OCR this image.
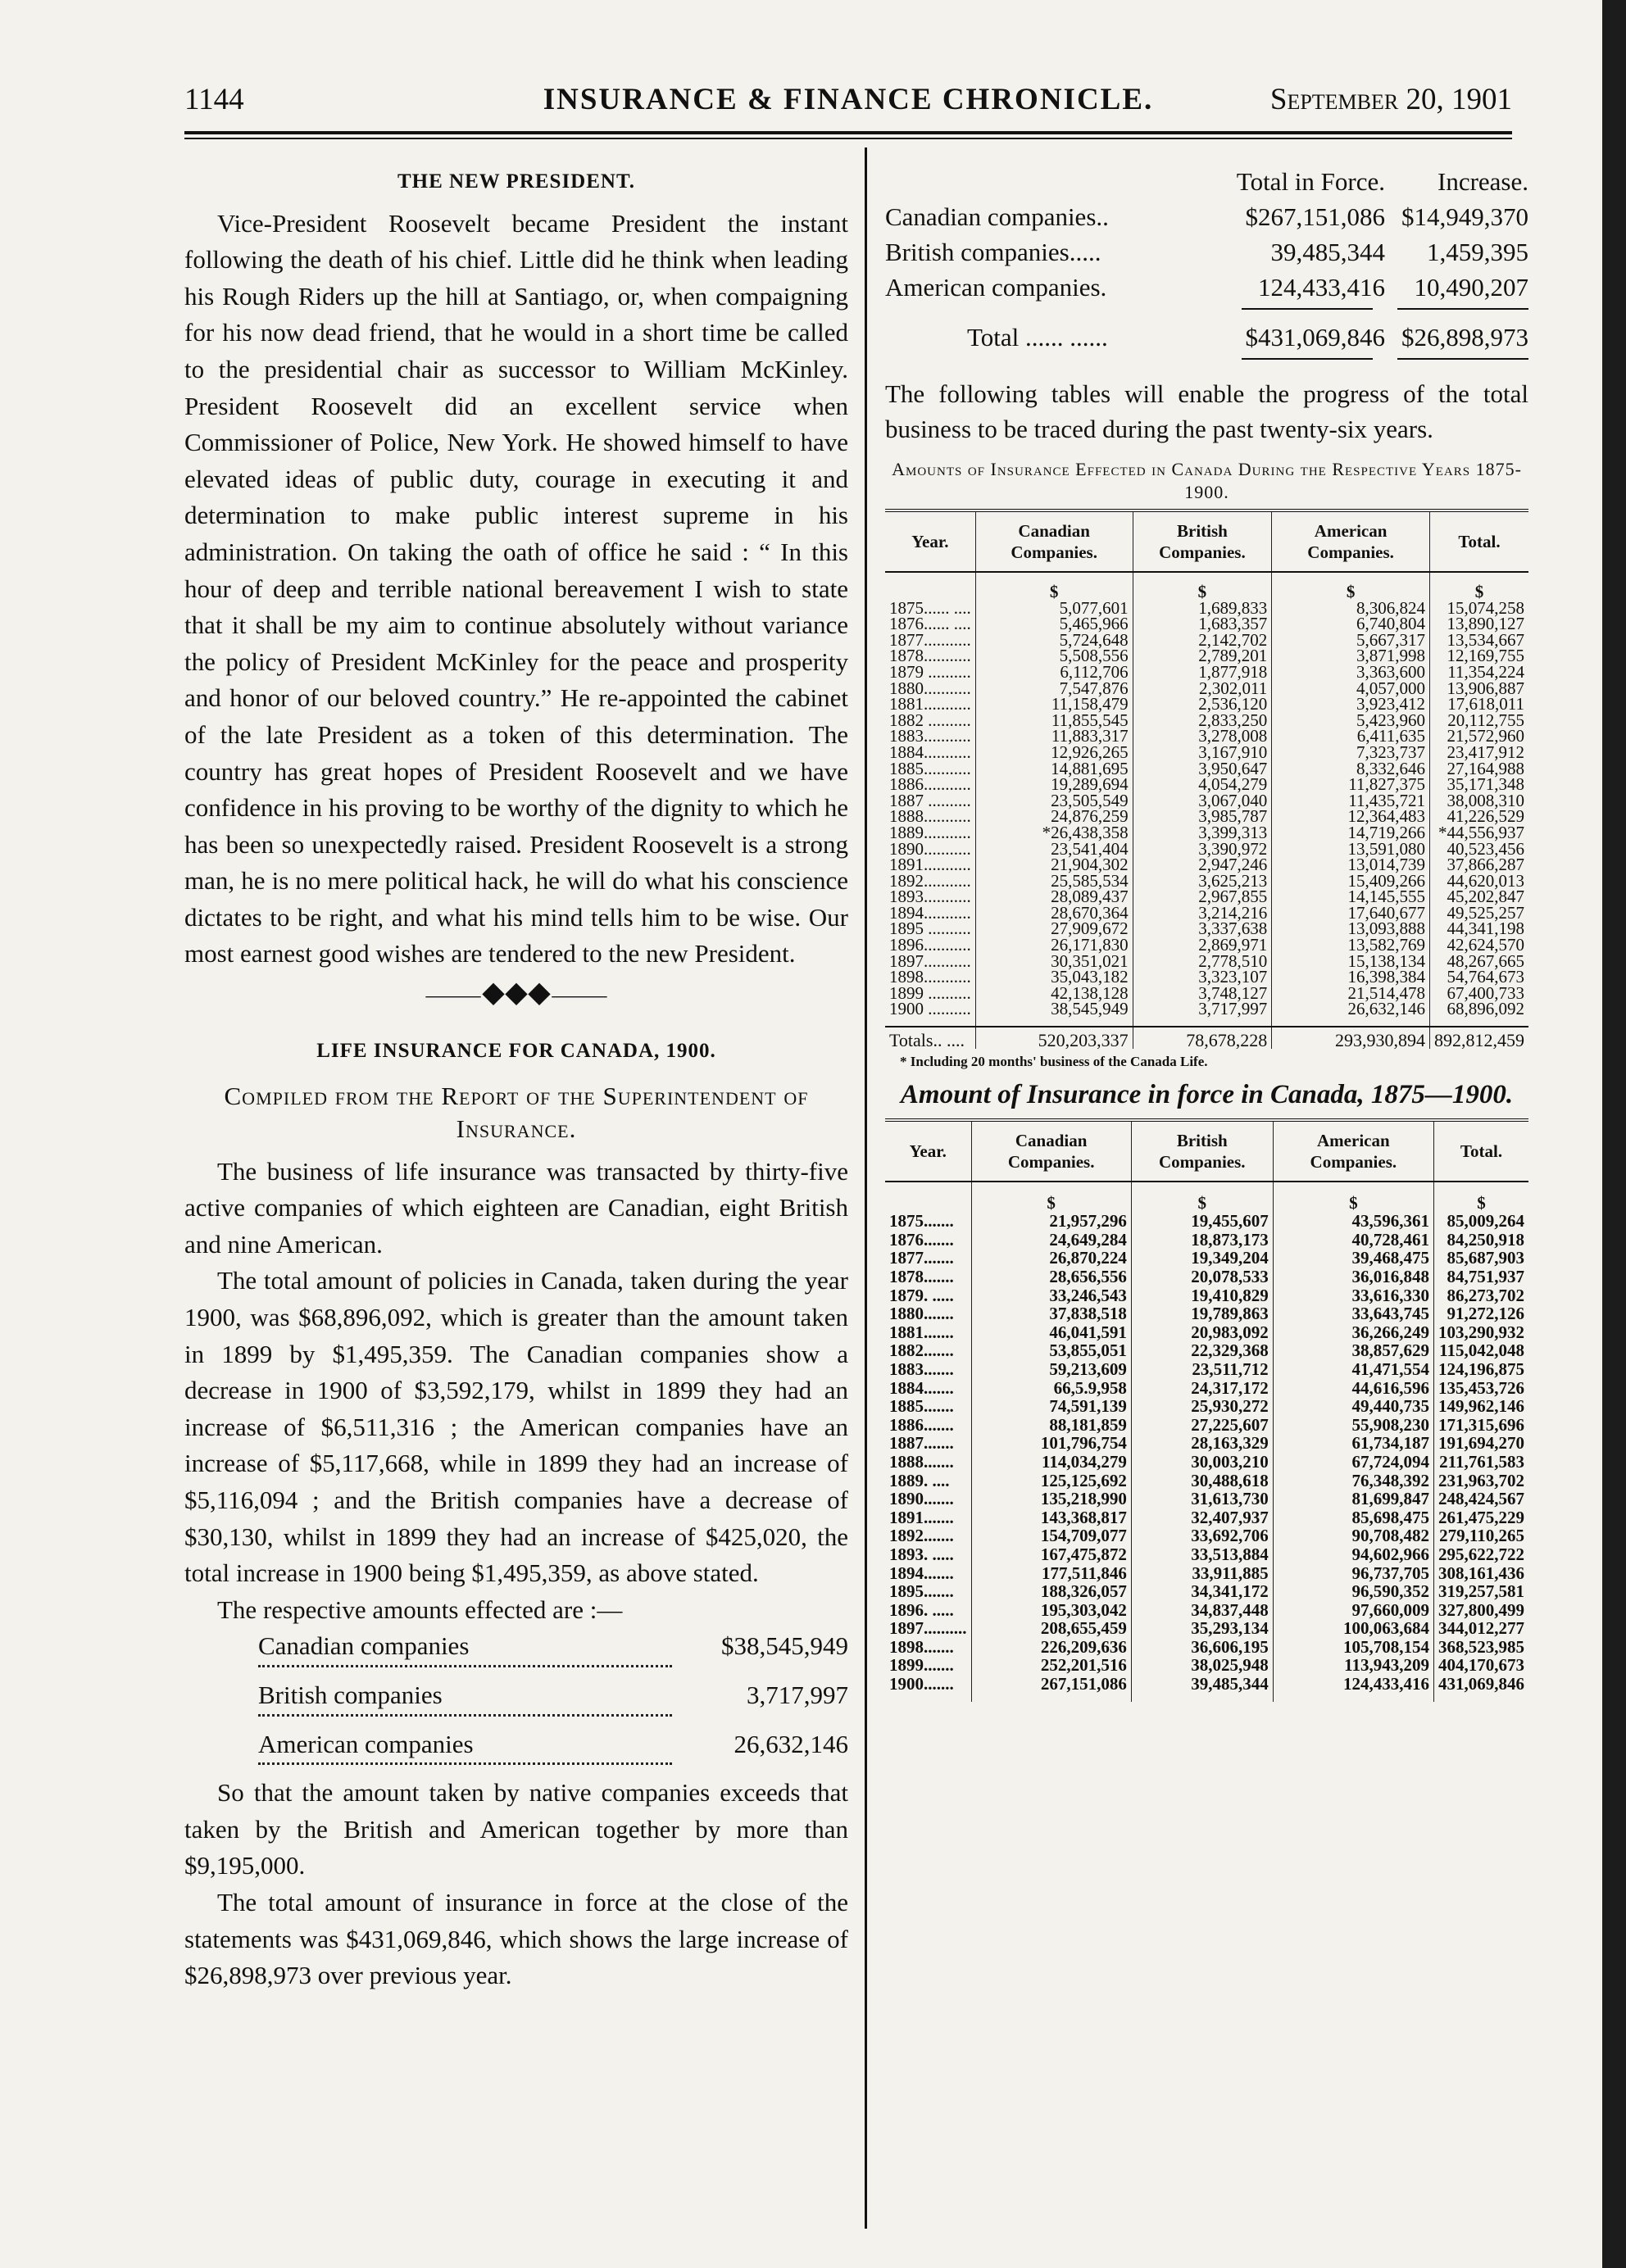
1144	INSURANCE & FINANCE CHRONICLE.	September 20, 1901
THE NEW PRESIDENT.

Vice-President Roosevelt became President the instant following the death of his chief. Little did he think when leading his Rough Riders up the hill at Santiago, or, when compaigning for his now dead friend, that he would in a short time be called to the presidential chair as successor to William McKinley. President Roosevelt did an excellent service when Commissioner of Police, New York. He showed himself to have elevated ideas of public duty, courage in executing it and determination to make public interest supreme in his administration. On taking the oath of office he said : “ In this hour of deep and terrible national bereavement I wish to state that it shall be my aim to continue absolutely without variance the policy of President McKinley for the peace and prosperity and honor of our beloved country.” He re-appointed the cabinet of the late President as a token of this determination. The country has great hopes of President Roosevelt and we have confidence in his proving to be worthy of the dignity to which he has been so unexpectedly raised. President Roosevelt is a strong man, he is no mere political hack, he will do what his conscience dictates to be right, and what his mind tells him to be wise. Our most earnest good wishes are tendered to the new President.

⸻◆◆◆⸻
LIFE INSURANCE FOR CANADA, 1900.
Compiled from the Report of the Superintendent of Insurance.

The business of life insurance was transacted by thirty-five active companies of which eighteen are Canadian, eight British and nine American.

The total amount of policies in Canada, taken during the year 1900, was $68,896,092, which is greater than the amount taken in 1899 by $1,495,359. The Canadian companies show a decrease in 1900 of $3,592,179, whilst in 1899 they had an increase of $6,511,316 ; the American companies have an increase of $5,117,668, while in 1899 they had an increase of $5,116,094 ; and the British companies have a decrease of $30,130, whilst in 1899 they had an increase of $425,020, the total increase in 1900 being $1,495,359, as above stated.

The respective amounts effected are :—

Canadian companies	$38,545,949
British companies	3,717,997
American companies	26,632,146

So that the amount taken by native companies exceeds that taken by the British and American together by more than $9,195,000.

The total amount of insurance in force at the close of the statements was $431,069,846, which shows the large increase of $26,898,973 over previous year.

Total in Force.	Increase.
Canadian companies..	$267,151,086 $14,949,370
British companies.....	39,485,344	1,459,395
American companies.	124,433,416	10,490,207
Total ...... ......	$431,069,846 $26,898,973
The following tables will enable the progress of the total business to be traced during the past twenty-six years.
Amounts of Insurance Effected in Canada During the Respective Years 1875-1900.
Year.	Canadian Companies.	British Companies.	American Companies.	Total.
	$	$	$	$
1875...... ....	5,077,601	1,689,833	8,306,824	15,074,258
1876...... ....	5,465,966	1,683,357	6,740,804	13,890,127
1877...........	5,724,648	2,142,702	5,667,317	13,534,667
1878...........	5,508,556	2,789,201	3,871,998	12,169,755
1879 ..........	6,112,706	1,877,918	3,363,600	11,354,224
1880...........	7,547,876	2,302,011	4,057,000	13,906,887
1881...........	11,158,479	2,536,120	3,923,412	17,618,011
1882 ..........	11,855,545	2,833,250	5,423,960	20,112,755
1883...........	11,883,317	3,278,008	6,411,635	21,572,960
1884...........	12,926,265	3,167,910	7,323,737	23,417,912
1885...........	14,881,695	3,950,647	8,332,646	27,164,988
1886...........	19,289,694	4,054,279	11,827,375	35,171,348
1887 ..........	23,505,549	3,067,040	11,435,721	38,008,310
1888...........	24,876,259	3,985,787	12,364,483	41,226,529
1889...........	*26,438,358	3,399,313	14,719,266	*44,556,937
1890...........	23,541,404	3,390,972	13,591,080	40,523,456
1891...........	21,904,302	2,947,246	13,014,739	37,866,287
1892...........	25,585,534	3,625,213	15,409,266	44,620,013
1893...........	28,089,437	2,967,855	14,145,555	45,202,847
1894...........	28,670,364	3,214,216	17,640,677	49,525,257
1895 ..........	27,909,672	3,337,638	13,093,888	44,341,198
1896...........	26,171,830	2,869,971	13,582,769	42,624,570
1897...........	30,351,021	2,778,510	15,138,134	48,267,665
1898...........	35,043,182	3,323,107	16,398,384	54,764,673
1899 ..........	42,138,128	3,748,127	21,514,478	67,400,733
1900 ..........	38,545,949	3,717,997	26,632,146	68,896,092
Totals.. ....	520,203,337	78,678,228	293,930,894	892,812,459
* Including 20 months' business of the Canada Life.
Amount of Insurance in force in Canada, 1875—1900.
Year.	Canadian Companies.	British Companies.	American Companies.	Total.
	$	$	$	$
1875.......	21,957,296	19,455,607	43,596,361	85,009,264
1876.......	24,649,284	18,873,173	40,728,461	84,250,918
1877.......	26,870,224	19,349,204	39,468,475	85,687,903
1878.......	28,656,556	20,078,533	36,016,848	84,751,937
1879. .....	33,246,543	19,410,829	33,616,330	86,273,702
1880.......	37,838,518	19,789,863	33,643,745	91,272,126
1881.......	46,041,591	20,983,092	36,266,249	103,290,932
1882.......	53,855,051	22,329,368	38,857,629	115,042,048
1883.......	59,213,609	23,511,712	41,471,554	124,196,875
1884.......	66,5.9,958	24,317,172	44,616,596	135,453,726
1885.......	74,591,139	25,930,272	49,440,735	149,962,146
1886.......	88,181,859	27,225,607	55,908,230	171,315,696
1887.......	101,796,754	28,163,329	61,734,187	191,694,270
1888.......	114,034,279	30,003,210	67,724,094	211,761,583
1889. ....	125,125,692	30,488,618	76,348,392	231,963,702
1890.......	135,218,990	31,613,730	81,699,847	248,424,567
1891.......	143,368,817	32,407,937	85,698,475	261,475,229
1892.......	154,709,077	33,692,706	90,708,482	279,110,265
1893. .....	167,475,872	33,513,884	94,602,966	295,622,722
1894.......	177,511,846	33,911,885	96,737,705	308,161,436
1895.......	188,326,057	34,341,172	96,590,352	319,257,581
1896. .....	195,303,042	34,837,448	97,660,009	327,800,499
1897..........	208,655,459	35,293,134	100,063,684	344,012,277
1898.......	226,209,636	36,606,195	105,708,154	368,523,985
1899.......	252,201,516	38,025,948	113,943,209	404,170,673
1900.......	267,151,086	39,485,344	124,433,416	431,069,846
